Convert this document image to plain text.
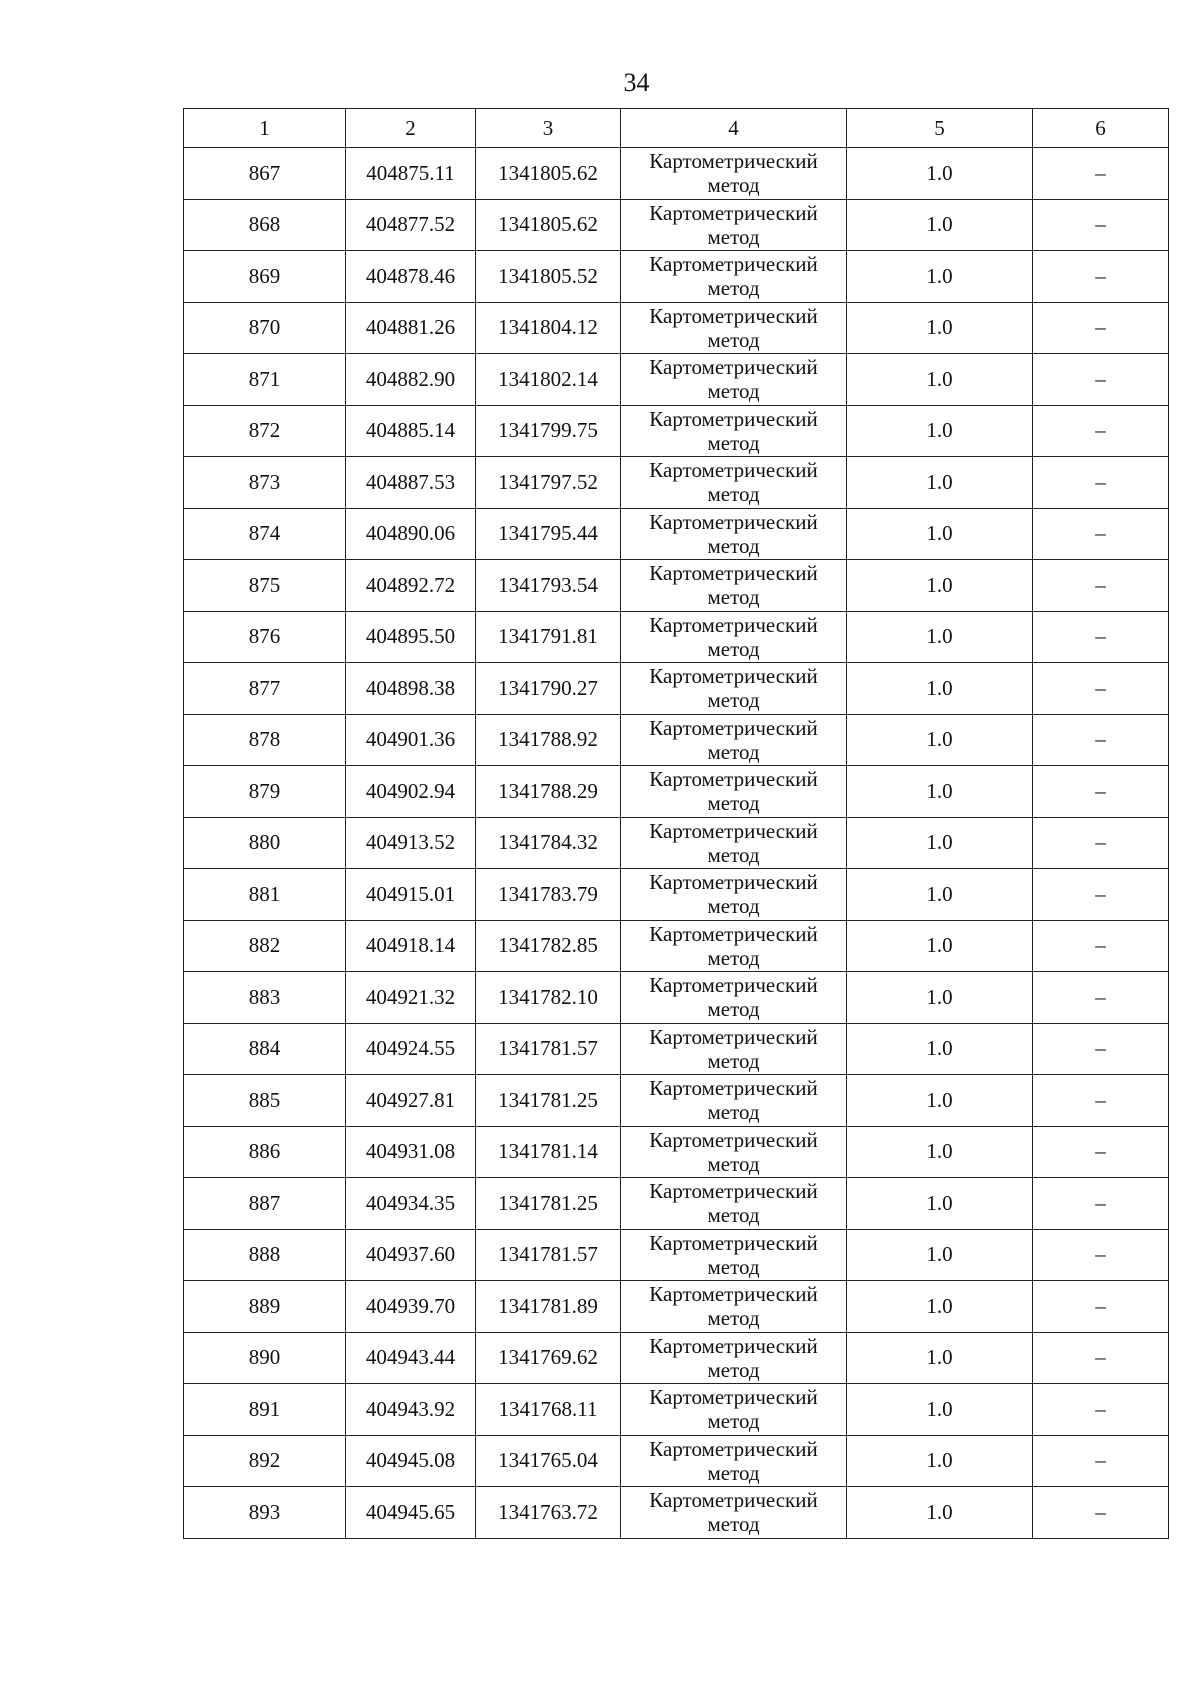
34
1	2	3	4	5	6
867	404875.11	1341805.62	Картометрический метод	1.0	–
868	404877.52	1341805.62	Картометрический метод	1.0	–
869	404878.46	1341805.52	Картометрический метод	1.0	–
870	404881.26	1341804.12	Картометрический метод	1.0	–
871	404882.90	1341802.14	Картометрический метод	1.0	–
872	404885.14	1341799.75	Картометрический метод	1.0	–
873	404887.53	1341797.52	Картометрический метод	1.0	–
874	404890.06	1341795.44	Картометрический метод	1.0	–
875	404892.72	1341793.54	Картометрический метод	1.0	–
876	404895.50	1341791.81	Картометрический метод	1.0	–
877	404898.38	1341790.27	Картометрический метод	1.0	–
878	404901.36	1341788.92	Картометрический метод	1.0	–
879	404902.94	1341788.29	Картометрический метод	1.0	–
880	404913.52	1341784.32	Картометрический метод	1.0	–
881	404915.01	1341783.79	Картометрический метод	1.0	–
882	404918.14	1341782.85	Картометрический метод	1.0	–
883	404921.32	1341782.10	Картометрический метод	1.0	–
884	404924.55	1341781.57	Картометрический метод	1.0	–
885	404927.81	1341781.25	Картометрический метод	1.0	–
886	404931.08	1341781.14	Картометрический метод	1.0	–
887	404934.35	1341781.25	Картометрический метод	1.0	–
888	404937.60	1341781.57	Картометрический метод	1.0	–
889	404939.70	1341781.89	Картометрический метод	1.0	–
890	404943.44	1341769.62	Картометрический метод	1.0	–
891	404943.92	1341768.11	Картометрический метод	1.0	–
892	404945.08	1341765.04	Картометрический метод	1.0	–
893	404945.65	1341763.72	Картометрический метод	1.0	–
